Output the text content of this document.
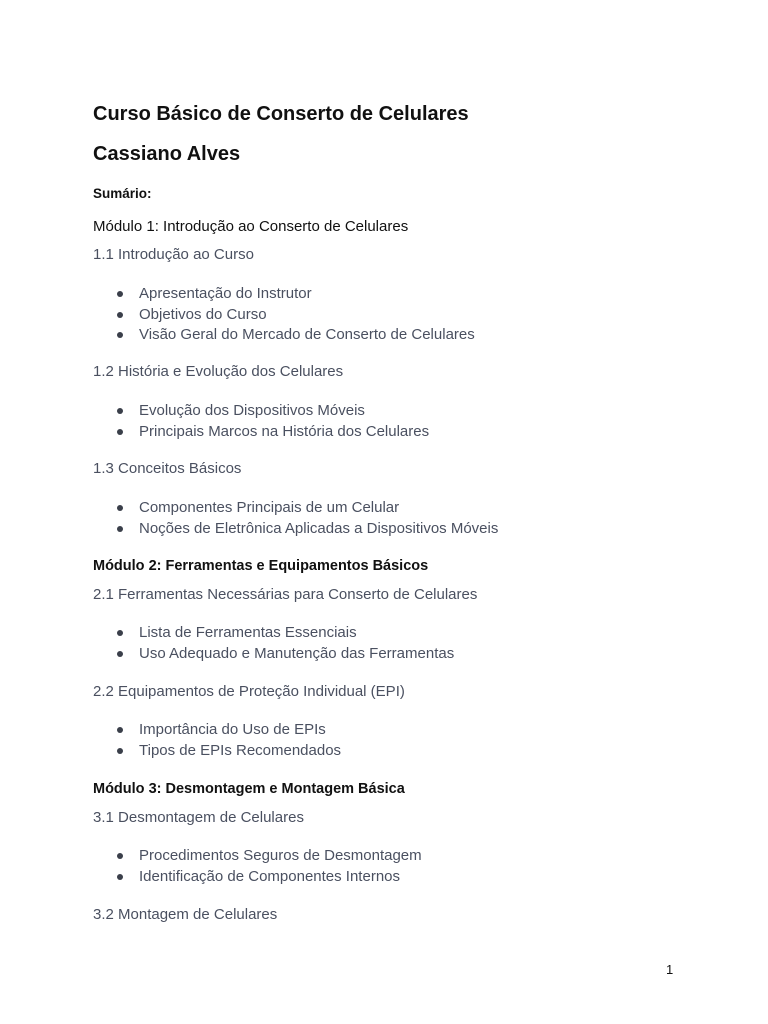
Curso Básico de Conserto de Celulares
Cassiano Alves
Sumário:
Módulo 1: Introdução ao Conserto de Celulares
1.1 Introdução ao Curso
Apresentação do Instrutor
Objetivos do Curso
Visão Geral do Mercado de Conserto de Celulares
1.2 História e Evolução dos Celulares
Evolução dos Dispositivos Móveis
Principais Marcos na História dos Celulares
1.3 Conceitos Básicos
Componentes Principais de um Celular
Noções de Eletrônica Aplicadas a Dispositivos Móveis
Módulo 2: Ferramentas e Equipamentos Básicos
2.1 Ferramentas Necessárias para Conserto de Celulares
Lista de Ferramentas Essenciais
Uso Adequado e Manutenção das Ferramentas
2.2 Equipamentos de Proteção Individual (EPI)
Importância do Uso de EPIs
Tipos de EPIs Recomendados
Módulo 3: Desmontagem e Montagem Básica
3.1 Desmontagem de Celulares
Procedimentos Seguros de Desmontagem
Identificação de Componentes Internos
3.2 Montagem de Celulares
1
